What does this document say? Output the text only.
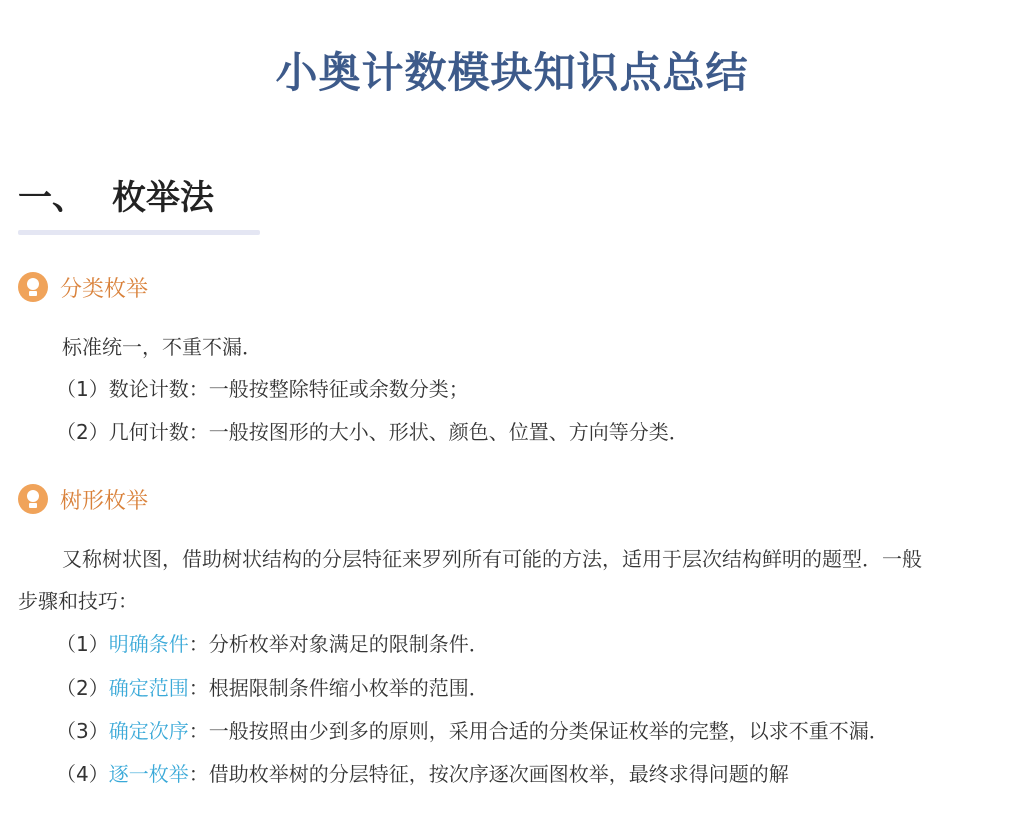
小奥计数模块知识点总结
一、 枚举法
分类枚举
标准统一，不重不漏．
（1）数论计数：一般按整除特征或余数分类；
（2）几何计数：一般按图形的大小、形状、颜色、位置、方向等分类．
树形枚举
又称树状图，借助树状结构的分层特征来罗列所有可能的方法，适用于层次结构鲜明的题型．一般
步骤和技巧：
（1）明确条件：分析枚举对象满足的限制条件．
（2）确定范围：根据限制条件缩小枚举的范围．
（3）确定次序：一般按照由少到多的原则，采用合适的分类保证枚举的完整，以求不重不漏．
（4）逐一枚举：借助枚举树的分层特征，按次序逐次画图枚举，最终求得问题的解
